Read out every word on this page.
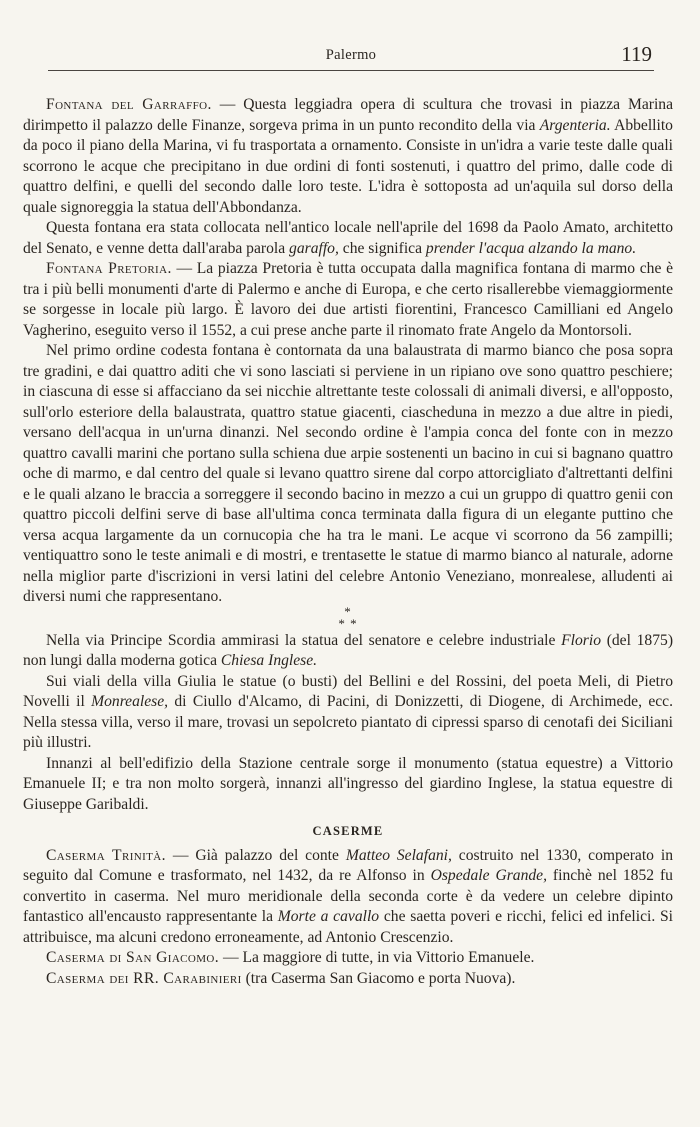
Palermo	119

Fontana del Garraffo. — Questa leggiadra opera di scultura che trovasi in piazza Marina dirimpetto il palazzo delle Finanze, sorgeva prima in un punto recondito della via Argenteria. Abbellito da poco il piano della Marina, vi fu trasportata a ornamento. Consiste in un'idra a varie teste dalle quali scorrono le acque che precipitano in due ordini di fonti sostenuti, i quattro del primo, dalle code di quattro delfini, e quelli del secondo dalle loro teste. L'idra è sottoposta ad un'aquila sul dorso della quale signoreggia la statua dell'Abbondanza.

Questa fontana era stata collocata nell'antico locale nell'aprile del 1698 da Paolo Amato, architetto del Senato, e venne detta dall'araba parola garaffo, che significa prender l'acqua alzando la mano.

Fontana Pretoria. — La piazza Pretoria è tutta occupata dalla magnifica fontana di marmo che è tra i più belli monumenti d'arte di Palermo e anche di Europa, e che certo risallerebbe viemaggiormente se sorgesse in locale più largo. È lavoro dei due artisti fiorentini, Francesco Camilliani ed Angelo Vagherino, eseguito verso il 1552, a cui prese anche parte il rinomato frate Angelo da Montorsoli.

Nel primo ordine codesta fontana è contornata da una balaustrata di marmo bianco che posa sopra tre gradini, e dai quattro aditi che vi sono lasciati si perviene in un ripiano ove sono quattro peschiere; in ciascuna di esse si affacciano da sei nicchie altrettante teste colossali di animali diversi, e all'opposto, sull'orlo esteriore della balaustrata, quattro statue giacenti, ciascheduna in mezzo a due altre in piedi, versano dell'acqua in un'urna dinanzi. Nel secondo ordine è l'ampia conca del fonte con in mezzo quattro cavalli marini che portano sulla schiena due arpie sostenenti un bacino in cui si bagnano quattro oche di marmo, e dal centro del quale si levano quattro sirene dal corpo attorcigliato d'altrettanti delfini e le quali alzano le braccia a sorreggere il secondo bacino in mezzo a cui un gruppo di quattro genii con quattro piccoli delfini serve di base all'ultima conca terminata dalla figura di un elegante puttino che versa acqua largamente da un cornucopia che ha tra le mani. Le acque vi scorrono da 56 zampilli; ventiquattro sono le teste animali e di mostri, e trentasette le statue di marmo bianco al naturale, adorne nella miglior parte d'iscrizioni in versi latini del celebre Antonio Veneziano, monrealese, alludenti ai diversi numi che rappresentano.

*
* *

Nella via Principe Scordia ammirasi la statua del senatore e celebre industriale Florio (del 1875) non lungi dalla moderna gotica Chiesa Inglese.

Sui viali della villa Giulia le statue (o busti) del Bellini e del Rossini, del poeta Meli, di Pietro Novelli il Monrealese, di Ciullo d'Alcamo, di Pacini, di Donizzetti, di Diogene, di Archimede, ecc. Nella stessa villa, verso il mare, trovasi un sepolcreto piantato di cipressi sparso di cenotafi dei Siciliani più illustri.

Innanzi al bell'edifizio della Stazione centrale sorge il monumento (statua equestre) a Vittorio Emanuele II; e tra non molto sorgerà, innanzi all'ingresso del giardino Inglese, la statua equestre di Giuseppe Garibaldi.

CASERME

Caserma Trinità. — Già palazzo del conte Matteo Selafani, costruito nel 1330, comperato in seguito dal Comune e trasformato, nel 1432, da re Alfonso in Ospedale Grande, finchè nel 1852 fu convertito in caserma. Nel muro meridionale della seconda corte è da vedere un celebre dipinto fantastico all'encausto rappresentante la Morte a cavallo che saetta poveri e ricchi, felici ed infelici. Si attribuisce, ma alcuni credono erroneamente, ad Antonio Crescenzio.

Caserma di San Giacomo. — La maggiore di tutte, in via Vittorio Emanuele.

Caserma dei RR. Carabinieri (tra Caserma San Giacomo e porta Nuova).
